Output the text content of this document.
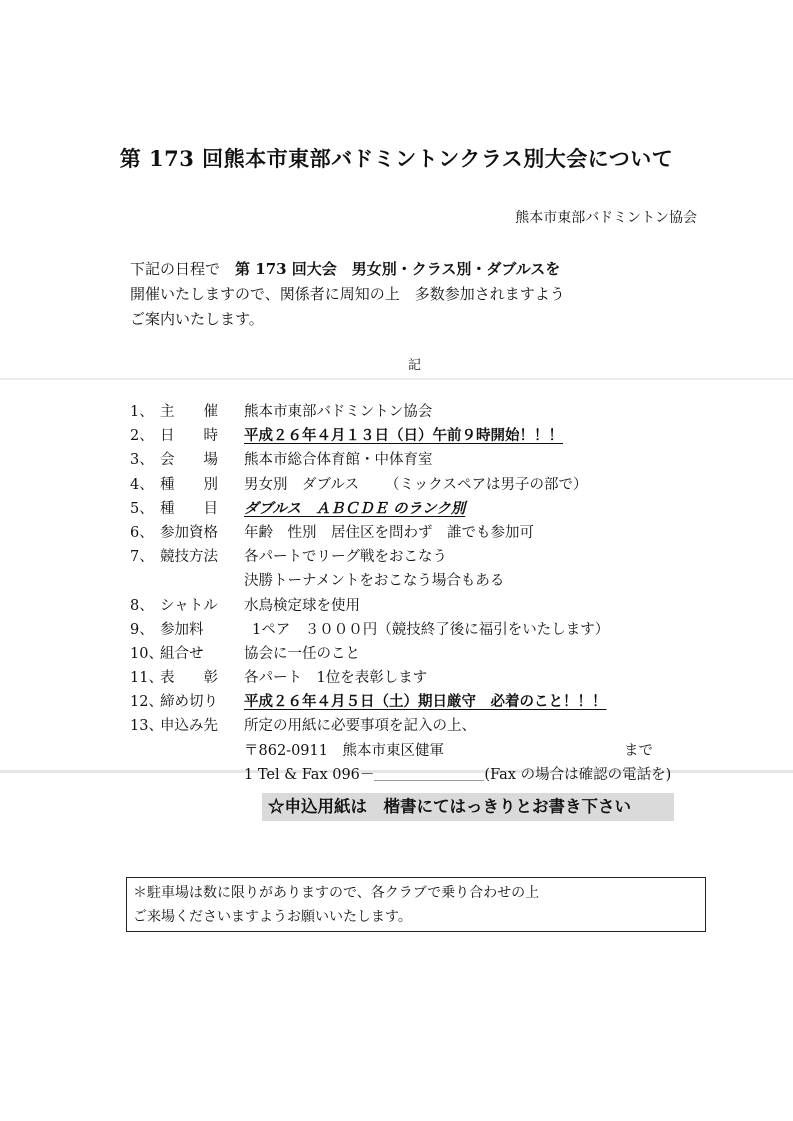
第 173 回熊本市東部バドミントンクラス別大会について
熊本市東部バドミントン協会
下記の日程で　 第 173 回大会　男女別・クラス別・ダブルスを
開催いたしますので、関係者に周知の上　多数参加されますよう
ご案内いたします。
記
1、 主　　催 熊本市東部バドミントン協会
2、 日　　時 平成２６年４月１３日（日）午前９時開始！！！
3、 会　　場 熊本市総合体育館・中体育室
4、 種　　別 男女別　ダブルス （ミックスペアは男子の部で）
5、 種　　目 ダブルス　ＡＢＣＤＥ のランク別
6、 参加資格 年齢　性別　居住区を問わず　誰でも参加可
7、 競技方法 各パートでリーグ戦をおこなう
決勝トーナメントをおこなう場合もある
8、 シャトル 水鳥検定球を使用
9、 参加料	1ペア　３０００円（競技終了後に福引をいたします）
10、組合せ	協会に一任のこと
11、表　　彰 各パート　1位を表彰します
12、締め切り 平成２６年４月５日（土）期日厳守　必着のこと！！！
13、申込み先 所定の用紙に必要事項を記入の上、
〒862-0911　熊本市東区健軍	まで
1 Tel & Fax 096－	(Fax の場合は確認の電話を)
☆申込用紙は　楷書にてはっきりとお書き下さい
＊駐車場は数に限りがありますので、各クラブで乗り合わせの上
ご来場くださいますようお願いいたします。
